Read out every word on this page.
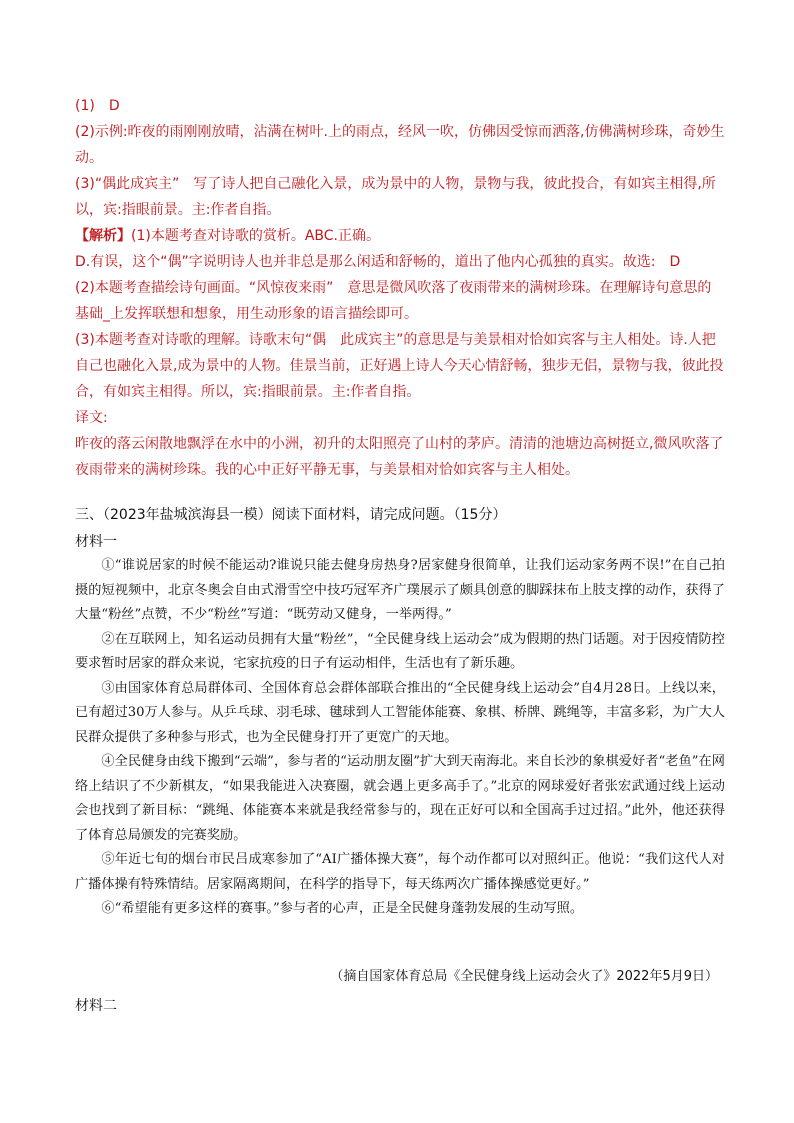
(1)　D

(2)示例:昨夜的雨刚刚放晴，沾满在树叶.上的雨点，经风一吹，仿佛因受惊而洒落,仿佛满树珍珠，奇妙生动。

(3)“偶此成宾主”　写了诗人把自己融化入景，成为景中的人物，景物与我，彼此投合，有如宾主相得,所以，宾:指眼前景。主:作者自指。

【解析】(1)本题考查对诗歌的赏析。ABC.正确。

D.有误，这个“偶”字说明诗人也并非总是那么闲适和舒畅的，道出了他内心孤独的真实。故选:　D

(2)本题考查描绘诗句画面。“风惊夜来雨”　意思是微风吹落了夜雨带来的满树珍珠。在理解诗句意思的基础_上发挥联想和想象，用生动形象的语言描绘即可。

(3)本题考查对诗歌的理解。诗歌末句“偶　此成宾主”的意思是与美景相对恰如宾客与主人相处。诗.人把自己也融化入景,成为景中的人物。佳景当前，正好遇上诗人今天心情舒畅，独步无侣，景物与我，彼此投合，有如宾主相得。所以，宾:指眼前景。主:作者自指。

译文:

昨夜的落云闲散地飘浮在水中的小洲，初升的太阳照亮了山村的茅庐。清清的池塘边高树挺立,微风吹落了夜雨带来的满树珍珠。我的心中正好平静无事，与美景相对恰如宾客与主人相处。

三、（2023年盐城滨海县一模）阅读下面材料，请完成问题。（15分）
材料一

①“谁说居家的时候不能运动?谁说只能去健身房热身?居家健身很简单，让我们运动家务两不误!”在自己拍摄的短视频中，北京冬奥会自由式滑雪空中技巧冠军齐广璞展示了颇具创意的脚踩抹布上肢支撑的动作，获得了大量“粉丝”点赞，不少“粉丝”写道：“既劳动又健身，一举两得。”

②在互联网上，知名运动员拥有大量“粉丝”，“全民健身线上运动会”成为假期的热门话题。对于因疫情防控要求暂时居家的群众来说，宅家抗疫的日子有运动相伴，生活也有了新乐趣。

③由国家体育总局群体司、全国体育总会群体部联合推出的“全民健身线上运动会”自4月28日。上线以来，已有超过30万人参与。从乒乓球、羽毛球、毽球到人工智能体能赛、象棋、桥牌、跳绳等，丰富多彩，为广大人民群众提供了多种参与形式，也为全民健身打开了更宽广的天地。

④全民健身由线下搬到“云端”，参与者的“运动朋友圈”扩大到天南海北。来自长沙的象棋爱好者“老鱼”在网络上结识了不少新棋友，“如果我能进入决赛圈，就会遇上更多高手了。”北京的网球爱好者张宏武通过线上运动会也找到了新目标：“跳绳、体能赛本来就是我经常参与的，现在正好可以和全国高手过过招。”此外，他还获得了体育总局颁发的完赛奖励。

⑤年近七旬的烟台市民吕成寒参加了“AI广播体操大赛”，每个动作都可以对照纠正。他说：“我们这代人对广播体操有特殊情结。居家隔离期间，在科学的指导下，每天练两次广播体操感觉更好。”

⑥“希望能有更多这样的赛事。”参与者的心声，正是全民健身蓬勃发展的生动写照。

（摘自国家体育总局《全民健身线上运动会火了》2022年5月9日）
材料二
